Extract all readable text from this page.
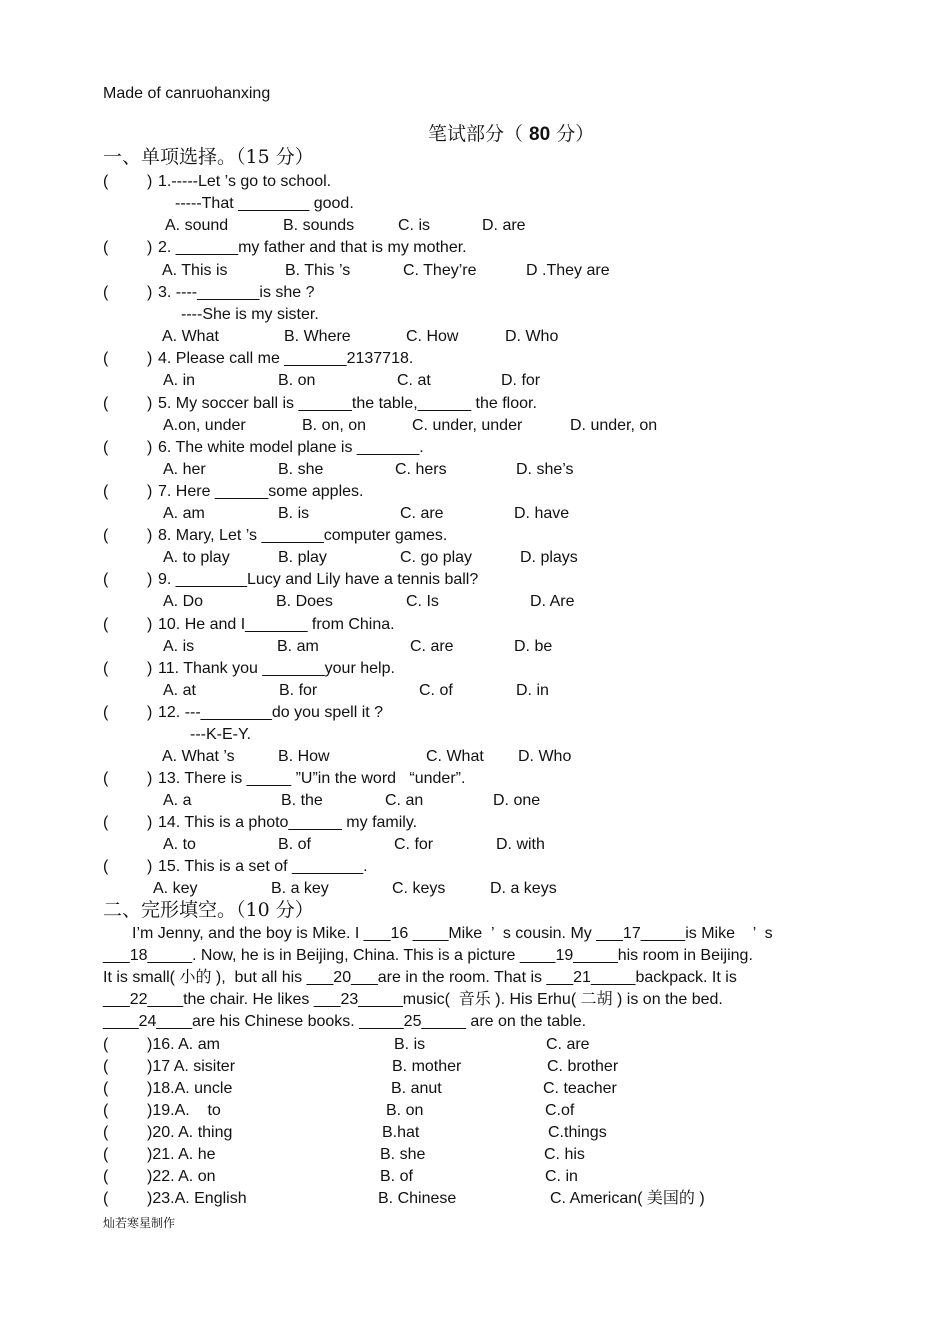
Made of canruohanxing
笔试部分（ 80 分）
一、单项选择。（15 分）
( ) 1.-----Let ’s go to school.
-----That ________ good.
A. sound	B. sounds	C. is	D. are
( ) 2. _______my father and that is my mother.
A. This is	B. This ’s	C. They’re	D .They are
( ) 3. ----_______is she ?
----She is my sister.
A. What	B. Where	C. How	D. Who
( ) 4. Please call me _______2137718.
A. in	B. on	C. at	D. for
( ) 5. My soccer ball is ______the table,______ the floor.
A.on, under	B. on, on	C. under, under	D. under, on
( ) 6. The white model plane is _______.
A. her	B. she	C. hers	D. she’s
( ) 7. Here ______some apples.
A. am	B. is	C. are	D. have
( ) 8. Mary, Let ’s _______computer games.
A. to play	B. play	C. go play	D. plays
( ) 9. ________Lucy and Lily have a tennis ball?
A. Do	B. Does	C. Is	D. Are
( ) 10. He and I_______ from China.
A. is	B. am	C. are	D. be
( ) 11. Thank you _______your help.
A. at	B. for	C. of	D. in
( ) 12. ---________do you spell it ?
---K-E-Y.
A. What ’s	B. How	C. What D. Who
( ) 13. There is _____ ”U”in the word   “under”.
A. a	B. the	C. an	D. one
( ) 14. This is a photo______ my family.
A. to	B. of	C. for	D. with
( ) 15. This is a set of ________.
A. key	B. a key	C. keys	D. a keys
二、完形填空。（10 分）
I’m Jenny, and the boy is Mike. I ___16 ____Mike  ’  s cousin. My ___17_____is Mike    ’  s
___18_____. Now, he is in Beijing, China. This is a picture ____19_____his room in Beijing.
It is small( 小的 ),  but all his ___20___are in the room. That is ___21_____backpack. It is
___22____the chair. He likes ___23_____music(  音乐 ). His Erhu( 二胡 ) is on the bed.
____24____are his Chinese books. _____25_____ are on the table.
( )16. A. am	B. is	C. are
( )17 A. sisiter	B. mother	C. brother
( )18.A. uncle	B. anut	C. teacher
( )19.A.    to	B. on	C.of
( )20. A. thing	B.hat	C.things
( )21. A. he	B. she	C. his
( )22. A. on	B. of	C. in
( )23.A. English	B. Chinese	C. American( 美国的 )
灿若寒星制作
